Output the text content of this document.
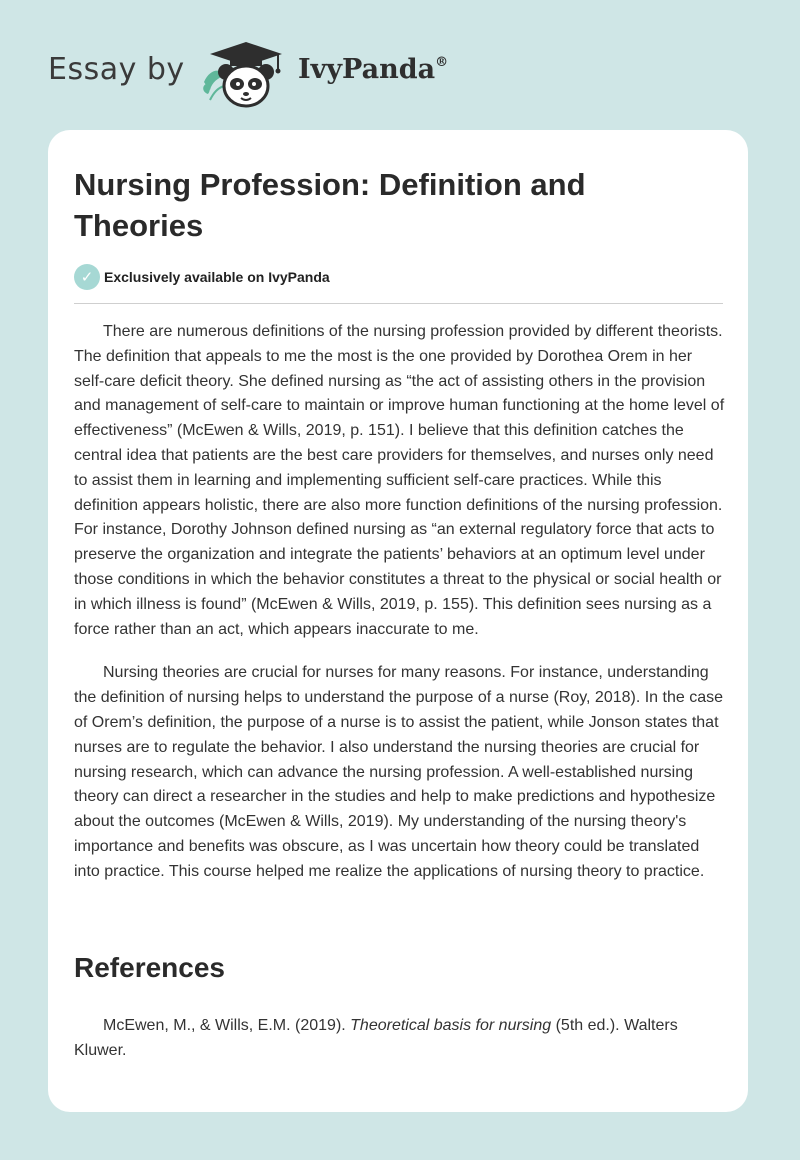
Essay by	IvyPanda®
Nursing Profession: Definition and Theories
✓ Exclusively available on IvyPanda

There are numerous definitions of the nursing profession provided by different theorists. The definition that appeals to me the most is the one provided by Dorothea Orem in her self-care deficit theory. She defined nursing as “the act of assisting others in the provision and management of self-care to maintain or improve human functioning at the home level of effectiveness” (McEwen & Wills, 2019, p. 151). I believe that this definition catches the central idea that patients are the best care providers for themselves, and nurses only need to assist them in learning and implementing sufficient self-care practices. While this definition appears holistic, there are also more function definitions of the nursing profession. For instance, Dorothy Johnson defined nursing as “an external regulatory force that acts to preserve the organization and integrate the patients’ behaviors at an optimum level under those conditions in which the behavior constitutes a threat to the physical or social health or in which illness is found” (McEwen & Wills, 2019, p. 155). This definition sees nursing as a force rather than an act, which appears inaccurate to me.

Nursing theories are crucial for nurses for many reasons. For instance, understanding the definition of nursing helps to understand the purpose of a nurse (Roy, 2018). In the case of Orem’s definition, the purpose of a nurse is to assist the patient, while Jonson states that nurses are to regulate the behavior. I also understand the nursing theories are crucial for nursing research, which can advance the nursing profession. A well-established nursing theory can direct a researcher in the studies and help to make predictions and hypothesize about the outcomes (McEwen & Wills, 2019). My understanding of the nursing theory's importance and benefits was obscure, as I was uncertain how theory could be translated into practice. This course helped me realize the applications of nursing theory to practice.

References

McEwen, M., & Wills, E.M. (2019). Theoretical basis for nursing (5th ed.). Walters Kluwer.
